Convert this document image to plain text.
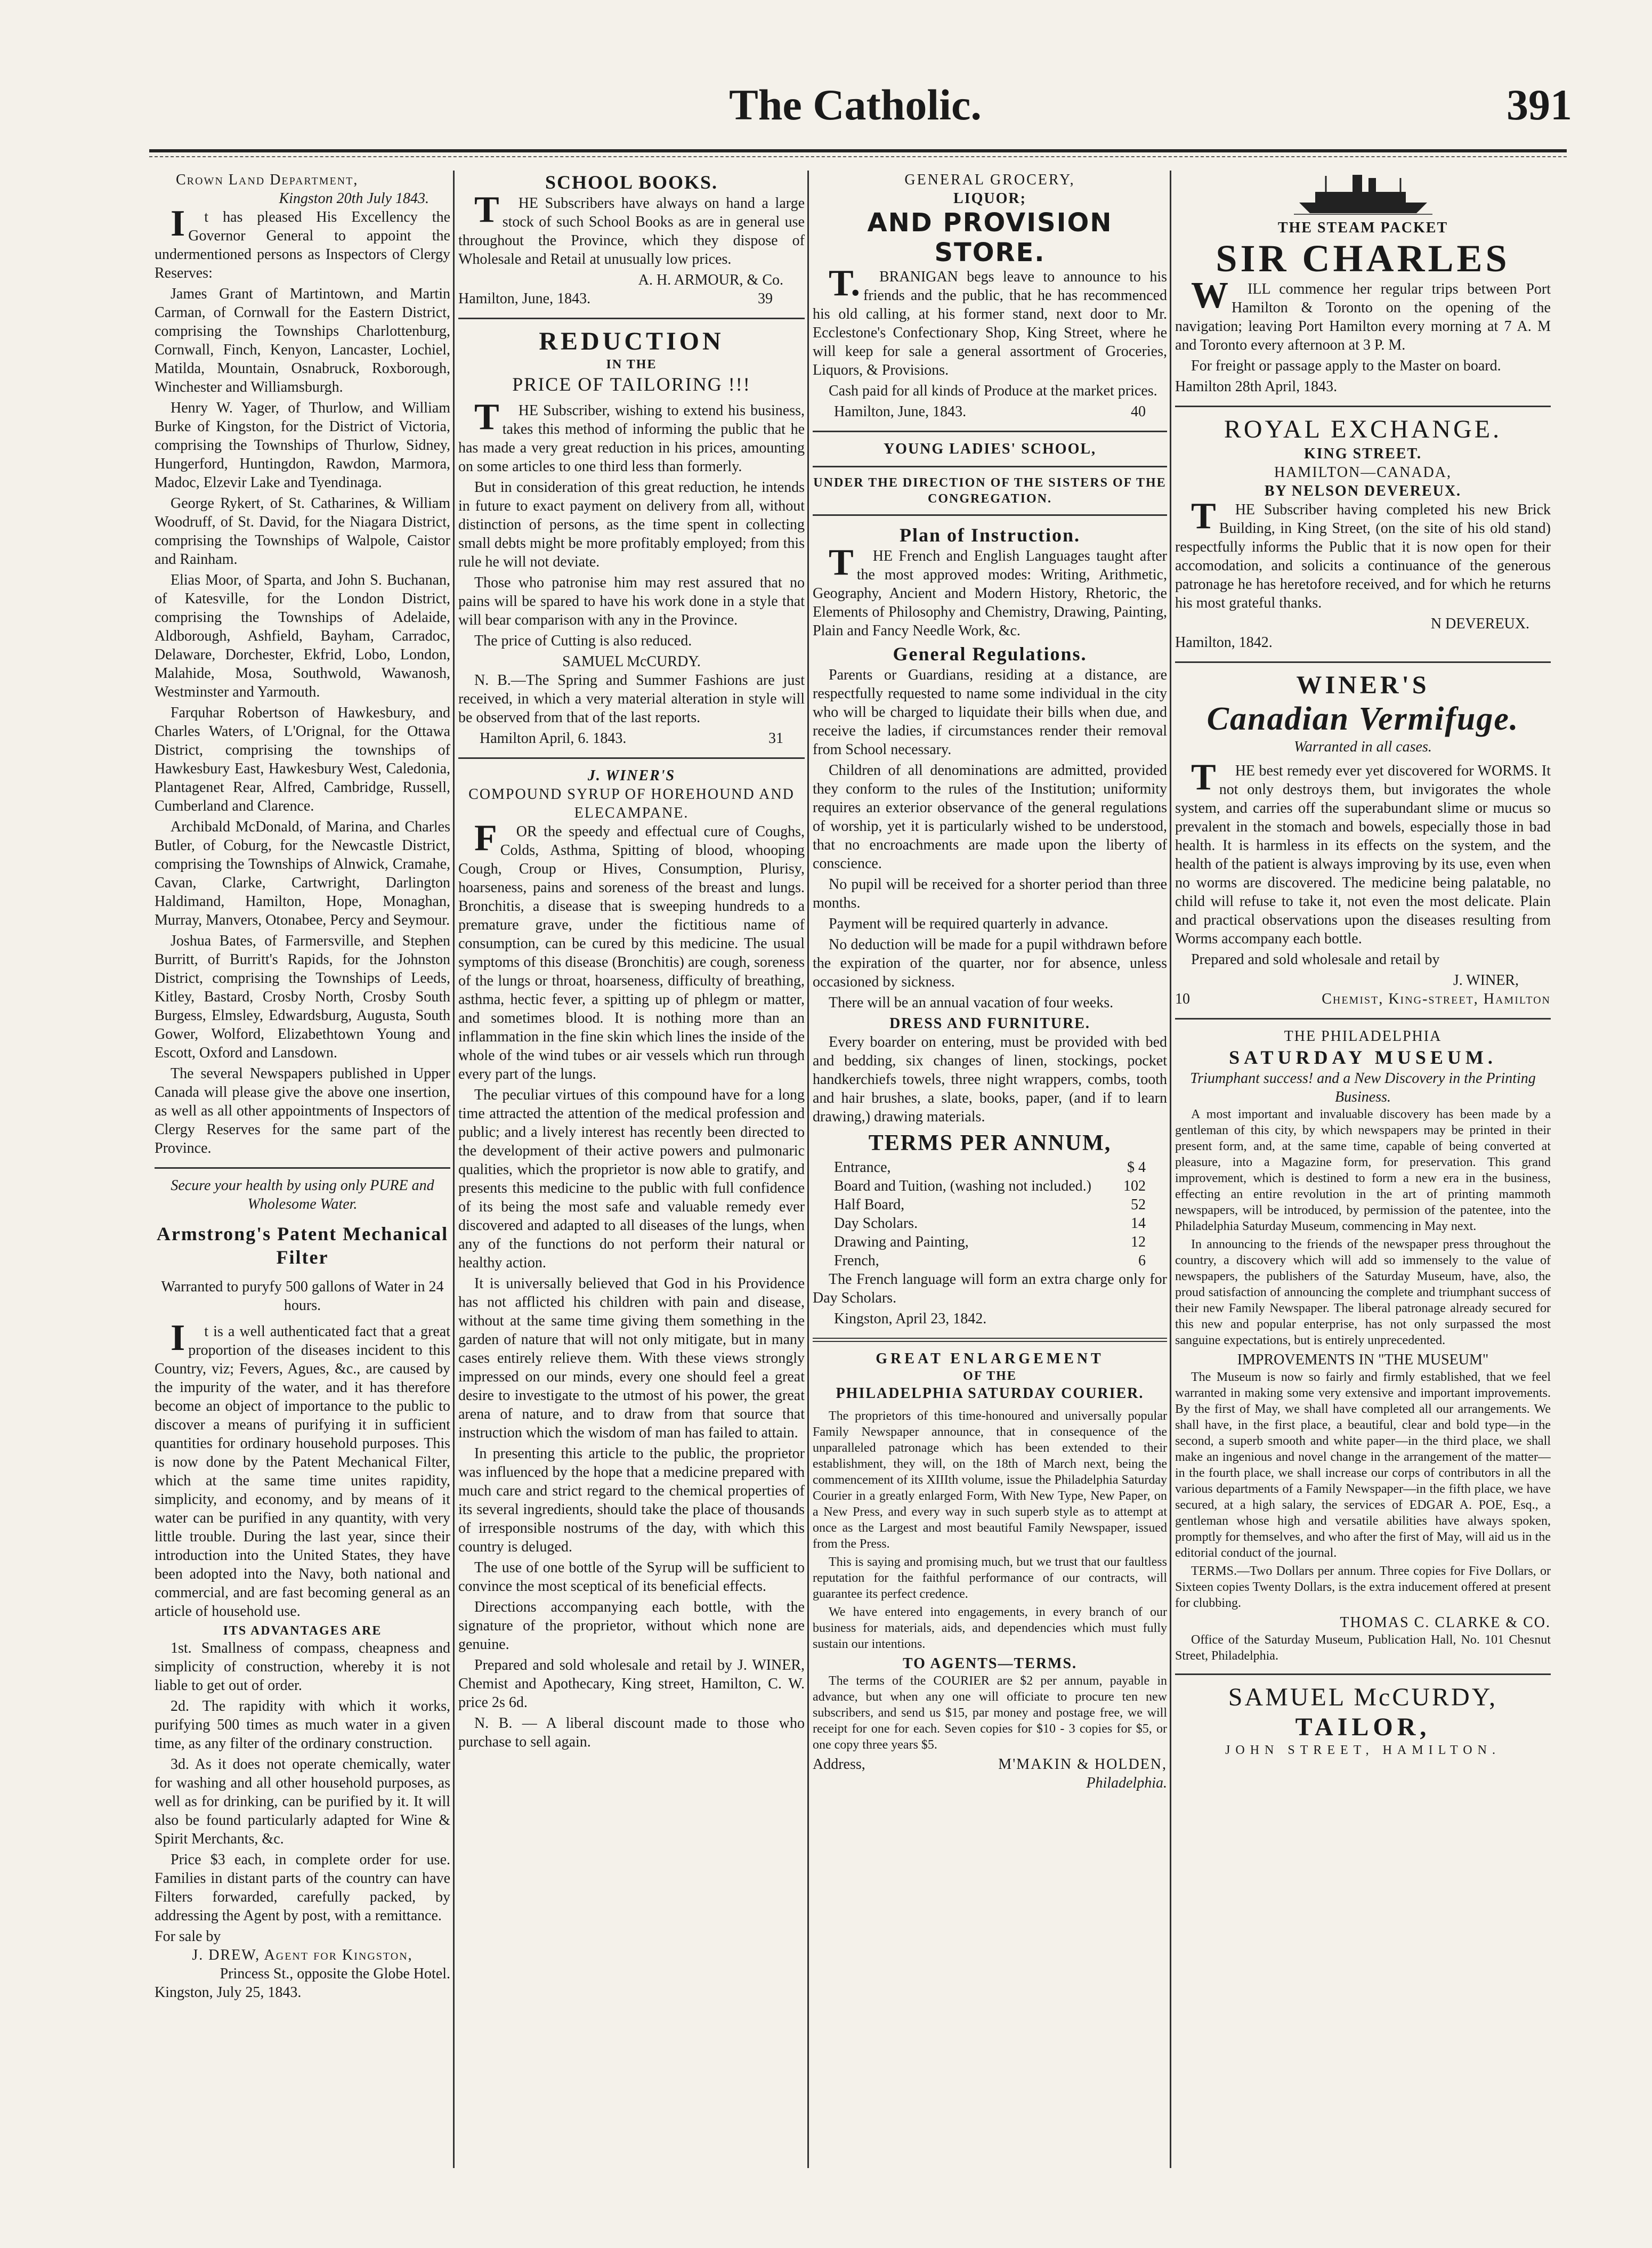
The Catholic.	391
Crown Land Department,
Kingston 20th July 1843.

It has pleased His Excellency the Governor General to appoint the undermentioned persons as Inspectors of Clergy Reserves:

James Grant of Martintown, and Martin Carman, of Cornwall for the Eastern District, comprising the Townships Charlottenburg, Cornwall, Finch, Kenyon, Lancaster, Lochiel, Matilda, Mountain, Osnabruck, Roxborough, Winchester and Williamsburgh.

Henry W. Yager, of Thurlow, and William Burke of Kingston, for the District of Victoria, comprising the Townships of Thurlow, Sidney, Hungerford, Huntingdon, Rawdon, Marmora, Madoc, Elzevir Lake and Tyendinaga.

George Rykert, of St. Catharines, & William Woodruff, of St. David, for the Niagara District, comprising the Townships of Walpole, Caistor and Rainham.

Elias Moor, of Sparta, and John S. Buchanan, of Katesville, for the London District, comprising the Townships of Adelaide, Aldborough, Ashfield, Bayham, Carradoc, Delaware, Dorchester, Ekfrid, Lobo, London, Malahide, Mosa, Southwold, Wawanosh, Westminster and Yarmouth.

Farquhar Robertson of Hawkesbury, and Charles Waters, of L'Orignal, for the Ottawa District, comprising the townships of Hawkesbury East, Hawkesbury West, Caledonia, Plantagenet Rear, Alfred, Cambridge, Russell, Cumberland and Clarence.

Archibald McDonald, of Marina, and Charles Butler, of Coburg, for the Newcastle District, comprising the Townships of Alnwick, Cramahe, Cavan, Clarke, Cartwright, Darlington Haldimand, Hamilton, Hope, Monaghan, Murray, Manvers, Otonabee, Percy and Seymour.

Joshua Bates, of Farmersville, and Stephen Burritt, of Burritt's Rapids, for the Johnston District, comprising the Townships of Leeds, Kitley, Bastard, Crosby North, Crosby South Burgess, Elmsley, Edwardsburg, Augusta, South Gower, Wolford, Elizabethtown Young and Escott, Oxford and Lansdown.

The several Newspapers published in Upper Canada will please give the above one insertion, as well as all other appointments of Inspectors of Clergy Reserves for the same part of the Province.

Secure your health by using only PURE and Wholesome Water.
Armstrong's Patent Mechanical Filter
Warranted to puryfy 500 gallons of Water in 24 hours.

It is a well authenticated fact that a great proportion of the diseases incident to this Country, viz; Fevers, Agues, &c., are caused by the impurity of the water, and it has therefore become an object of importance to the public to discover a means of purifying it in sufficient quantities for ordinary household purposes. This is now done by the Patent Mechanical Filter, which at the same time unites rapidity, simplicity, and economy, and by means of it water can be purified in any quantity, with very little trouble. During the last year, since their introduction into the United States, they have been adopted into the Navy, both national and commercial, and are fast becoming general as an article of household use.

ITS ADVANTAGES ARE

1st. Smallness of compass, cheapness and simplicity of construction, whereby it is not liable to get out of order.

2d. The rapidity with which it works, purifying 500 times as much water in a given time, as any filter of the ordinary construction.

3d. As it does not operate chemically, water for washing and all other household purposes, as well as for drinking, can be purified by it. It will also be found particularly adapted for Wine & Spirit Merchants, &c.

Price $3 each, in complete order for use. Families in distant parts of the country can have Filters forwarded, carefully packed, by addressing the Agent by post, with a remittance.

For sale by
J. DREW, Agent for Kingston,
Princess St., opposite the Globe Hotel.
Kingston, July 25, 1843.
SCHOOL BOOKS.

THE Subscribers have always on hand a large stock of such School Books as are in general use throughout the Province, which they dispose of Wholesale and Retail at unusually low prices.

A. H. ARMOUR, & Co.
Hamilton, June, 1843.	39
REDUCTION
IN THE
PRICE OF TAILORING !!!

THE Subscriber, wishing to extend his business, takes this method of informing the public that he has made a very great reduction in his prices, amounting on some articles to one third less than formerly.

But in consideration of this great reduction, he intends in future to exact payment on delivery from all, without distinction of persons, as the time spent in collecting small debts might be more profitably employed; from this rule he will not deviate.

Those who patronise him may rest assured that no pains will be spared to have his work done in a style that will bear comparison with any in the Province.

The price of Cutting is also reduced.

SAMUEL McCURDY.

N. B.—The Spring and Summer Fashions are just received, in which a very material alteration in style will be observed from that of the last reports.

Hamilton April, 6. 1843.	31
J. WINER'S
COMPOUND SYRUP OF HOREHOUND AND ELECAMPANE.

FOR the speedy and effectual cure of Coughs, Colds, Asthma, Spitting of blood, whooping Cough, Croup or Hives, Consumption, Plurisy, hoarseness, pains and soreness of the breast and lungs. Bronchitis, a disease that is sweeping hundreds to a premature grave, under the fictitious name of consumption, can be cured by this medicine. The usual symptoms of this disease (Bronchitis) are cough, soreness of the lungs or throat, hoarseness, difficulty of breathing, asthma, hectic fever, a spitting up of phlegm or matter, and sometimes blood. It is nothing more than an inflammation in the fine skin which lines the inside of the whole of the wind tubes or air vessels which run through every part of the lungs.

The peculiar virtues of this compound have for a long time attracted the attention of the medical profession and public; and a lively interest has recently been directed to the development of their active powers and pulmonaric qualities, which the proprietor is now able to gratify, and presents this medicine to the public with full confidence of its being the most safe and valuable remedy ever discovered and adapted to all diseases of the lungs, when any of the functions do not perform their natural or healthy action.

It is universally believed that God in his Providence has not afflicted his children with pain and disease, without at the same time giving them something in the garden of nature that will not only mitigate, but in many cases entirely relieve them. With these views strongly impressed on our minds, every one should feel a great desire to investigate to the utmost of his power, the great arena of nature, and to draw from that source that instruction which the wisdom of man has failed to attain.

In presenting this article to the public, the proprietor was influenced by the hope that a medicine prepared with much care and strict regard to the chemical properties of its several ingredients, should take the place of thousands of irresponsible nostrums of the day, with which this country is deluged.

The use of one bottle of the Syrup will be sufficient to convince the most sceptical of its beneficial effects.

Directions accompanying each bottle, with the signature of the proprietor, without which none are genuine.

Prepared and sold wholesale and retail by J. WINER, Chemist and Apothecary, King street, Hamilton, C. W. price 2s 6d.

N. B. — A liberal discount made to those who purchase to sell again.

GENERAL GROCERY,
LIQUOR;
AND PROVISION STORE.

T.BRANIGAN begs leave to announce to his friends and the public, that he has recommenced his old calling, at his former stand, next door to Mr. Ecclestone's Confectionary Shop, King Street, where he will keep for sale a general assortment of Groceries, Liquors, & Provisions.

Cash paid for all kinds of Produce at the market prices.

Hamilton, June, 1843.	40
YOUNG LADIES' SCHOOL,
UNDER THE DIRECTION OF THE SISTERS OF THE CONGREGATION.
Plan of Instruction.

THE French and English Languages taught after the most approved modes: Writing, Arithmetic, Geography, Ancient and Modern History, Rhetoric, the Elements of Philosophy and Chemistry, Drawing, Painting, Plain and Fancy Needle Work, &c.

General Regulations.

Parents or Guardians, residing at a distance, are respectfully requested to name some individual in the city who will be charged to liquidate their bills when due, and receive the ladies, if circumstances render their removal from School necessary.

Children of all denominations are admitted, provided they conform to the rules of the Institution; uniformity requires an exterior observance of the general regulations of worship, yet it is particularly wished to be understood, that no encroachments are made upon the liberty of conscience.

No pupil will be received for a shorter period than three months.

Payment will be required quarterly in advance.

No deduction will be made for a pupil withdrawn before the expiration of the quarter, nor for absence, unless occasioned by sickness.

There will be an annual vacation of four weeks.

DRESS AND FURNITURE.

Every boarder on entering, must be provided with bed and bedding, six changes of linen, stockings, pocket handkerchiefs towels, three night wrappers, combs, tooth and hair brushes, a slate, books, paper, (and if to learn drawing,) drawing materials.

TERMS PER ANNUM,
Entrance,	$ 4
Board and Tuition, (washing not included.) 102
Half Board,	52
Day Scholars.	14
Drawing and Painting,	12
French,	6

The French language will form an extra charge only for Day Scholars.

Kingston, April 23, 1842.
GREAT ENLARGEMENT
OF THE
PHILADELPHIA SATURDAY COURIER.

The proprietors of this time-honoured and universally popular Family Newspaper announce, that in consequence of the unparalleled patronage which has been extended to their establishment, they will, on the 18th of March next, being the commencement of its XIIIth volume, issue the Philadelphia Saturday Courier in a greatly enlarged Form, With New Type, New Paper, on a New Press, and every way in such superb style as to attempt at once as the Largest and most beautiful Family Newspaper, issued from the Press.

This is saying and promising much, but we trust that our faultless reputation for the faithful performance of our contracts, will guarantee its perfect credence.

We have entered into engagements, in every branch of our business for materials, aids, and dependencies which must fully sustain our intentions.

TO AGENTS—TERMS.

The terms of the COURIER are $2 per annum, payable in advance, but when any one will officiate to procure ten new subscribers, and send us $15, par money and postage free, we will receipt for one for each. Seven copies for $10 - 3 copies for $5, or one copy three years $5.

Address,	M'MAKIN & HOLDEN,
Philadelphia.
THE STEAM PACKET
SIR CHARLES

WILL commence her regular trips between Port Hamilton & Toronto on the opening of the navigation; leaving Port Hamilton every morning at 7 A. M and Toronto every afternoon at 3 P. M.

For freight or passage apply to the Master on board.

Hamilton 28th April, 1843.
ROYAL EXCHANGE.
KING STREET.
HAMILTON—CANADA,
BY NELSON DEVEREUX.

THE Subscriber having completed his new Brick Building, in King Street, (on the site of his old stand) respectfully informs the Public that it is now open for their accomodation, and solicits a continuance of the generous patronage he has heretofore received, and for which he returns his most grateful thanks.

N DEVEREUX.
Hamilton, 1842.
WINER'S
Canadian Vermifuge.
Warranted in all cases.

THE best remedy ever yet discovered for WORMS. It not only destroys them, but invigorates the whole system, and carries off the superabundant slime or mucus so prevalent in the stomach and bowels, especially those in bad health. It is harmless in its effects on the system, and the health of the patient is always improving by its use, even when no worms are discovered. The medicine being palatable, no child will refuse to take it, not even the most delicate. Plain and practical observations upon the diseases resulting from Worms accompany each bottle.

Prepared and sold wholesale and retail by

J. WINER,
10	Chemist, King-street, Hamilton
THE PHILADELPHIA
SATURDAY MUSEUM.
Triumphant success! and a New Discovery in the Printing Business.

A most important and invaluable discovery has been made by a gentleman of this city, by which newspapers may be printed in their present form, and, at the same time, capable of being converted at pleasure, into a Magazine form, for preservation. This grand improvement, which is destined to form a new era in the business, effecting an entire revolution in the art of printing mammoth newspapers, will be introduced, by permission of the patentee, into the Philadelphia Saturday Museum, commencing in May next.

In announcing to the friends of the newspaper press throughout the country, a discovery which will add so immensely to the value of newspapers, the publishers of the Saturday Museum, have, also, the proud satisfaction of announcing the complete and triumphant success of their new Family Newspaper. The liberal patronage already secured for this new and popular enterprise, has not only surpassed the most sanguine expectations, but is entirely unprecedented.

IMPROVEMENTS IN "THE MUSEUM"

The Museum is now so fairly and firmly established, that we feel warranted in making some very extensive and important improvements. By the first of May, we shall have completed all our arrangements. We shall have, in the first place, a beautiful, clear and bold type—in the second, a superb smooth and white paper—in the third place, we shall make an ingenious and novel change in the arrangement of the matter—in the fourth place, we shall increase our corps of contributors in all the various departments of a Family Newspaper—in the fifth place, we have secured, at a high salary, the services of EDGAR A. POE, Esq., a gentleman whose high and versatile abilities have always spoken, promptly for themselves, and who after the first of May, will aid us in the editorial conduct of the journal.

TERMS.—Two Dollars per annum. Three copies for Five Dollars, or Sixteen copies Twenty Dollars, is the extra inducement offered at present for clubbing.

THOMAS C. CLARKE & CO.

Office of the Saturday Museum, Publication Hall, No. 101 Chesnut Street, Philadelphia.

SAMUEL McCURDY,
TAILOR,
JOHN STREET, HAMILTON.
